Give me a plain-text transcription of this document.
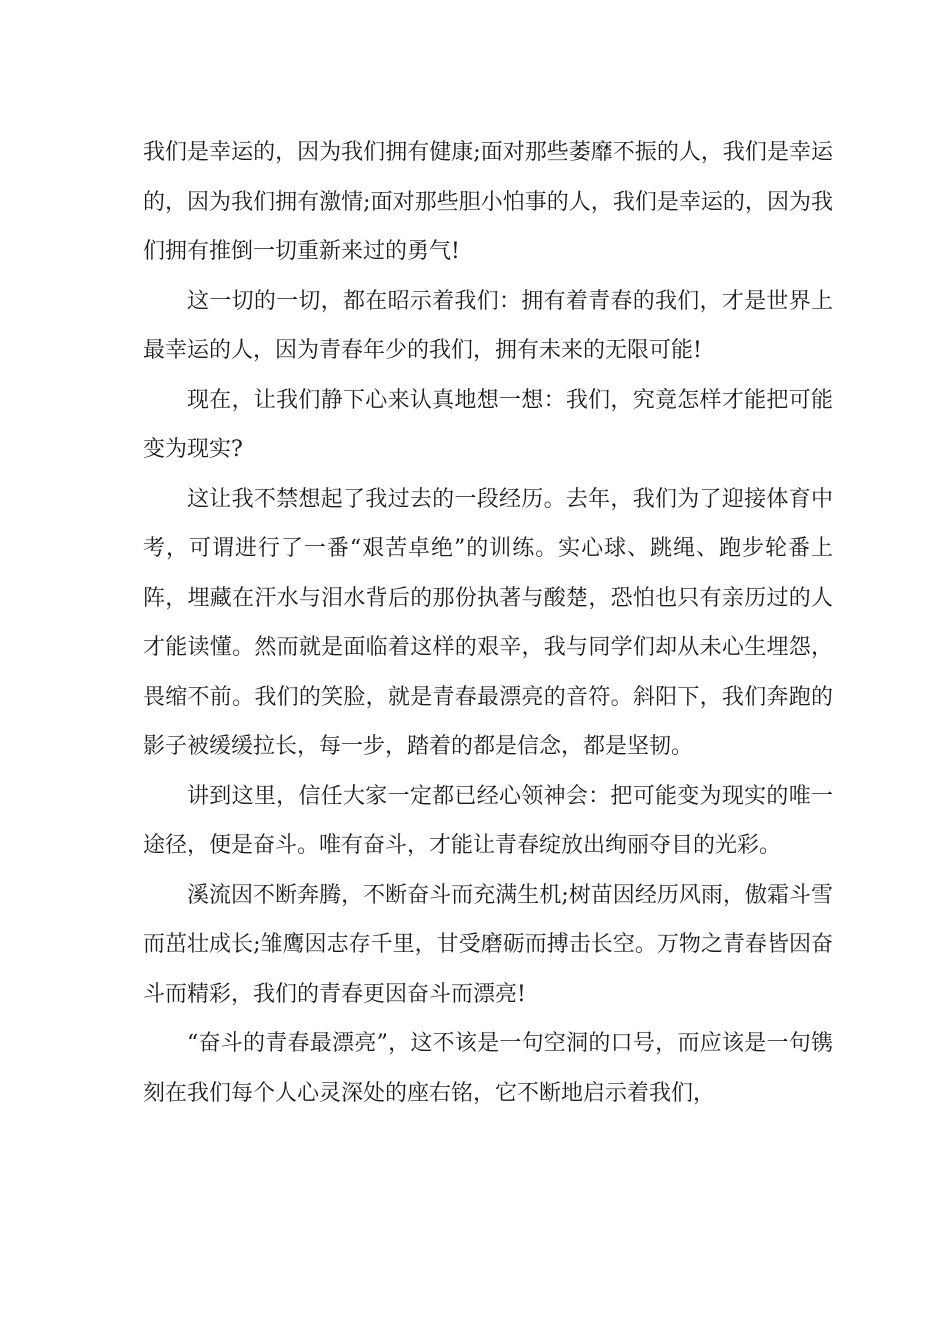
我们是幸运的，因为我们拥有健康;面对那些萎靡不振的人，我们是幸运的，因为我们拥有激情;面对那些胆小怕事的人，我们是幸运的，因为我们拥有推倒一切重新来过的勇气!

这一切的一切，都在昭示着我们：拥有着青春的我们，才是世界上最幸运的人，因为青春年少的我们，拥有未来的无限可能!

现在，让我们静下心来认真地想一想：我们，究竟怎样才能把可能变为现实?

这让我不禁想起了我过去的一段经历。去年，我们为了迎接体育中考，可谓进行了一番“艰苦卓绝”的训练。实心球、跳绳、跑步轮番上阵，埋藏在汗水与泪水背后的那份执著与酸楚，恐怕也只有亲历过的人才能读懂。然而就是面临着这样的艰辛，我与同学们却从未心生埋怨，畏缩不前。我们的笑脸，就是青春最漂亮的音符。斜阳下，我们奔跑的影子被缓缓拉长，每一步，踏着的都是信念，都是坚韧。

讲到这里，信任大家一定都已经心领神会：把可能变为现实的唯一途径，便是奋斗。唯有奋斗，才能让青春绽放出绚丽夺目的光彩。

溪流因不断奔腾，不断奋斗而充满生机;树苗因经历风雨，傲霜斗雪而茁壮成长;雏鹰因志存千里，甘受磨砺而搏击长空。万物之青春皆因奋斗而精彩，我们的青春更因奋斗而漂亮!

“奋斗的青春最漂亮”，这不该是一句空洞的口号，而应该是一句镌刻在我们每个人心灵深处的座右铭，它不断地启示着我们，
